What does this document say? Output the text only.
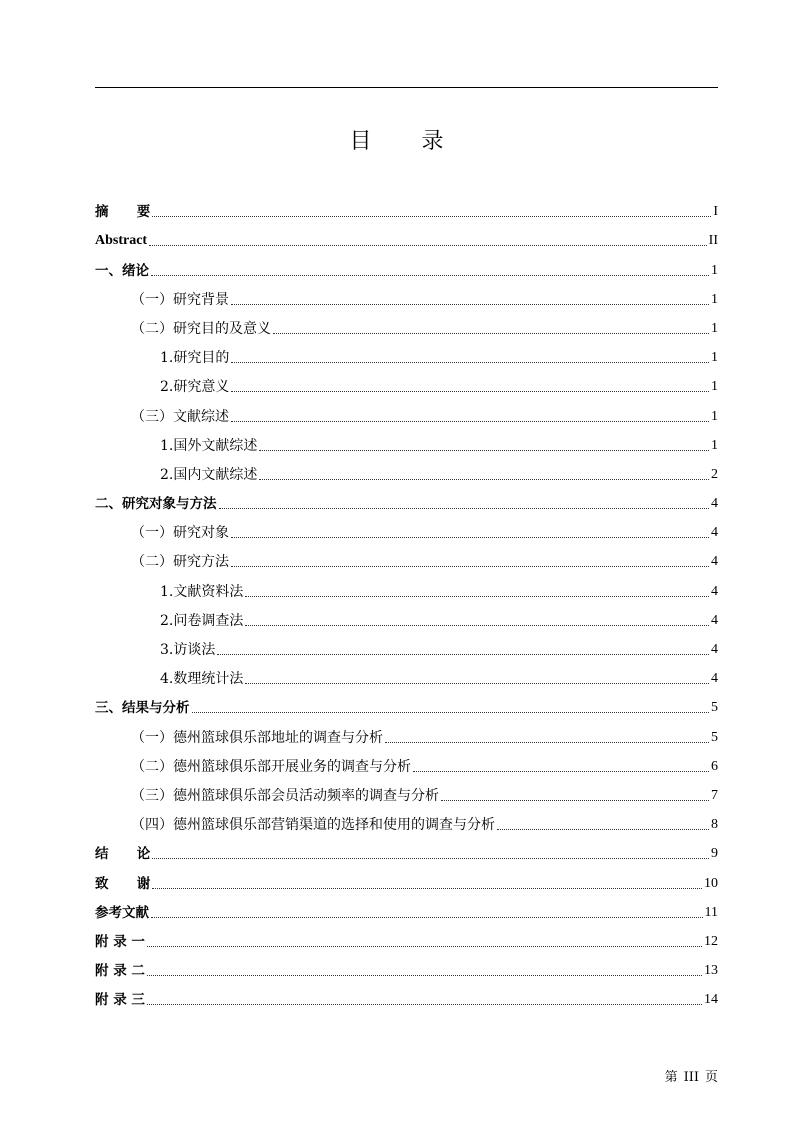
目 录
摘      要	I
Abstract	II
一、绪论	1
（一）研究背景	1
（二）研究目的及意义	1
1.研究目的	1
2.研究意义	1
（三）文献综述	1
1.国外文献综述	1
2.国内文献综述	2
二、研究对象与方法	4
（一）研究对象	4
（二）研究方法	4
1.文献资料法	4
2.问卷调查法	4
3.访谈法	4
4.数理统计法	4
三、结果与分析	5
（一）德州篮球俱乐部地址的调查与分析	5
（二）德州篮球俱乐部开展业务的调查与分析	6
（三）德州篮球俱乐部会员活动频率的调查与分析	7
（四）德州篮球俱乐部营销渠道的选择和使用的调查与分析	8
结      论	9
致      谢	10
参考文献	11
附 录 一	12
附 录 二	13
附 录 三	14
第 III 页
